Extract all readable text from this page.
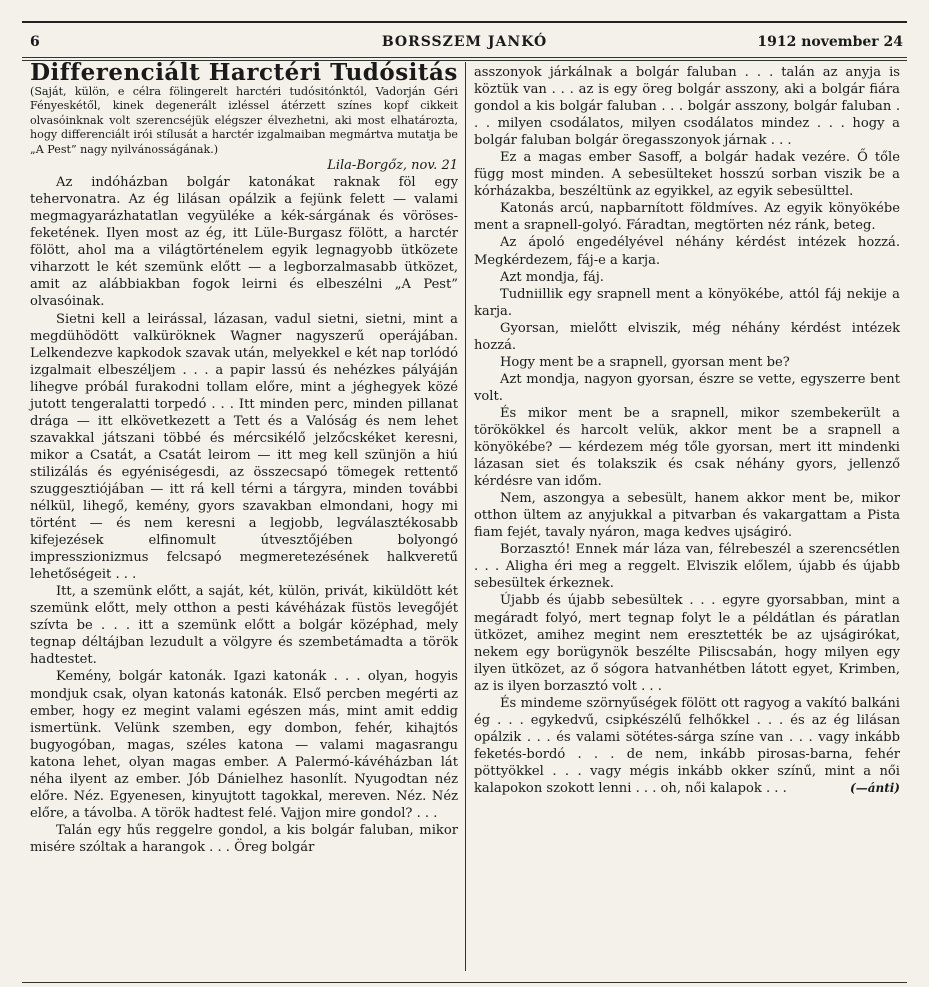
6	BORSSZEM JANKÓ	1912 november 24
Differenciált Harctéri Tudósitás

(Saját, külön, e célra fölingerelt harctéri tudósitónktól, Vadorján Géri Fényeskétől, kinek degenerált izléssel átérzett színes kopf cikkeit olvasóinknak volt szerencséjük elégszer élvezhetni, aki most elhatározta, hogy differenciált irói stílusát a harctér izgalmaiban megmártva mutatja be „A Pest” nagy nyilvánosságának.)

Lila-Borgőz, nov. 21

Az indóházban bolgár katonákat raknak föl egy tehervonatra. Az ég lilásan opálzik a fejünk felett — valami megmagyarázhatatlan vegyüléke a kék-sárgának és vöröses-feketének. Ilyen most az ég, itt Lüle-Burgasz fölött, a harctér fölött, ahol ma a világtörténelem egyik legnagyobb ütközete viharzott le két szemünk előtt — a legborzalmasabb ütközet, amit az alábbiakban fogok leirni és elbeszélni „A Pest” olvasóinak.

Sietni kell a leirással, lázasan, vadul sietni, sietni, mint a megdühödött valküröknek Wagner nagyszerű operájában. Lelkendezve kapkodok szavak után, melyekkel e két nap torlódó izgalmait elbeszéljem . . . a papir lassú és nehézkes pályáján lihegve próbál furakodni tollam előre, mint a jéghegyek közé jutott tengeralatti torpedó . . . Itt minden perc, minden pillanat drága — itt elkövetkezett a Tett és a Valóság és nem lehet szavakkal játszani többé és mércsikélő jelzőcskéket keresni, mikor a Csatát, a Csatát leirom — itt meg kell szünjön a hiú stilizálás és egyéniségesdi, az összecsapó tömegek rettentő szuggesztiójában — itt rá kell térni a tárgyra, minden további nélkül, lihegő, kemény, gyors szavakban elmondani, hogy mi történt — és nem keresni a legjobb, legválasztékosabb kifejezések elfinomult útvesztőjében bolyongó impresszionizmus felcsapó megmeretezésének halkveretű lehetőségeit . . .

Itt, a szemünk előtt, a saját, két, külön, privát, kiküldött két szemünk előtt, mely otthon a pesti kávéházak füstös levegőjét szívta be . . . itt a szemünk előtt a bolgár középhad, mely tegnap déltájban lezudult a völgyre és szembetámadta a török hadtestet.

Kemény, bolgár katonák. Igazi katonák . . . olyan, hogyis mondjuk csak, olyan katonás katonák. Első percben megérti az ember, hogy ez megint valami egészen más, mint amit eddig ismertünk. Velünk szemben, egy dombon, fehér, kihajtós bugyogóban, magas, széles katona — valami magasrangu katona lehet, olyan magas ember. A Palermó-kávéházban lát néha ilyent az ember. Jób Dánielhez hasonlít. Nyugodtan néz előre. Néz. Egyenesen, kinyujtott tagokkal, mereven. Néz. Néz előre, a távolba. A török hadtest felé. Vajjon mire gondol? . . .

Talán egy hűs reggelre gondol, a kis bolgár faluban, mikor misére szóltak a harangok . . . Öreg bolgár

asszonyok járkálnak a bolgár faluban . . . talán az anyja is köztük van . . . az is egy öreg bolgár asszony, aki a bolgár fiára gondol a kis bolgár faluban . . . bolgár asszony, bolgár faluban . . . milyen csodálatos, milyen csodálatos mindez . . . hogy a bolgár faluban bolgár öregasszonyok járnak . . .

Ez a magas ember Sasoff, a bolgár hadak vezére. Ő tőle függ most minden. A sebesülteket hosszú sorban viszik be a kórházakba, beszéltünk az egyikkel, az egyik sebesülttel.

Katonás arcú, napbarnított földmíves. Az egyik könyökébe ment a srapnell-golyó. Fáradtan, megtörten néz ránk, beteg.

Az ápoló engedélyével néhány kérdést intézek hozzá. Megkérdezem, fáj-e a karja.

Azt mondja, fáj.

Tudniillik egy srapnell ment a könyökébe, attól fáj nekije a karja.

Gyorsan, mielőtt elviszik, még néhány kérdést intézek hozzá.

Hogy ment be a srapnell, gyorsan ment be?

Azt mondja, nagyon gyorsan, észre se vette, egyszerre bent volt.

És mikor ment be a srapnell, mikor szembekerült a törökökkel és harcolt velük, akkor ment be a srapnell a könyökébe? — kérdezem még tőle gyorsan, mert itt mindenki lázasan siet és tolakszik és csak néhány gyors, jellenző kérdésre van időm.

Nem, aszongya a sebesült, hanem akkor ment be, mikor otthon ültem az anyjukkal a pitvarban és vakargattam a Pista fiam fejét, tavaly nyáron, maga kedves ujságiró.

Borzasztó! Ennek már láza van, félrebeszél a szerencsétlen . . . Aligha éri meg a reggelt. Elviszik előlem, újabb és újabb sebesültek érkeznek.

Újabb és újabb sebesültek . . . egyre gyorsabban, mint a megáradt folyó, mert tegnap folyt le a példátlan és páratlan ütközet, amihez megint nem eresztették be az ujságirókat, nekem egy borügynök beszélte Piliscsabán, hogy milyen egy ilyen ütközet, az ő sógora hatvanhétben látott egyet, Krimben, az is ilyen borzasztó volt . . .

És mindeme szörnyűségek fölött ott ragyog a vakító balkáni ég . . . egykedvű, csipkészélű felhőkkel . . . és az ég lilásan opálzik . . . és valami sötétes-sárga színe van . . . vagy inkább feketés-bordó . . . de nem, inkább pirosas-barna, fehér pöttyökkel . . . vagy mégis inkább okker színű, mint a női kalapokon szokott lenni . . . oh, női kalapok . . .	(—ánti)
